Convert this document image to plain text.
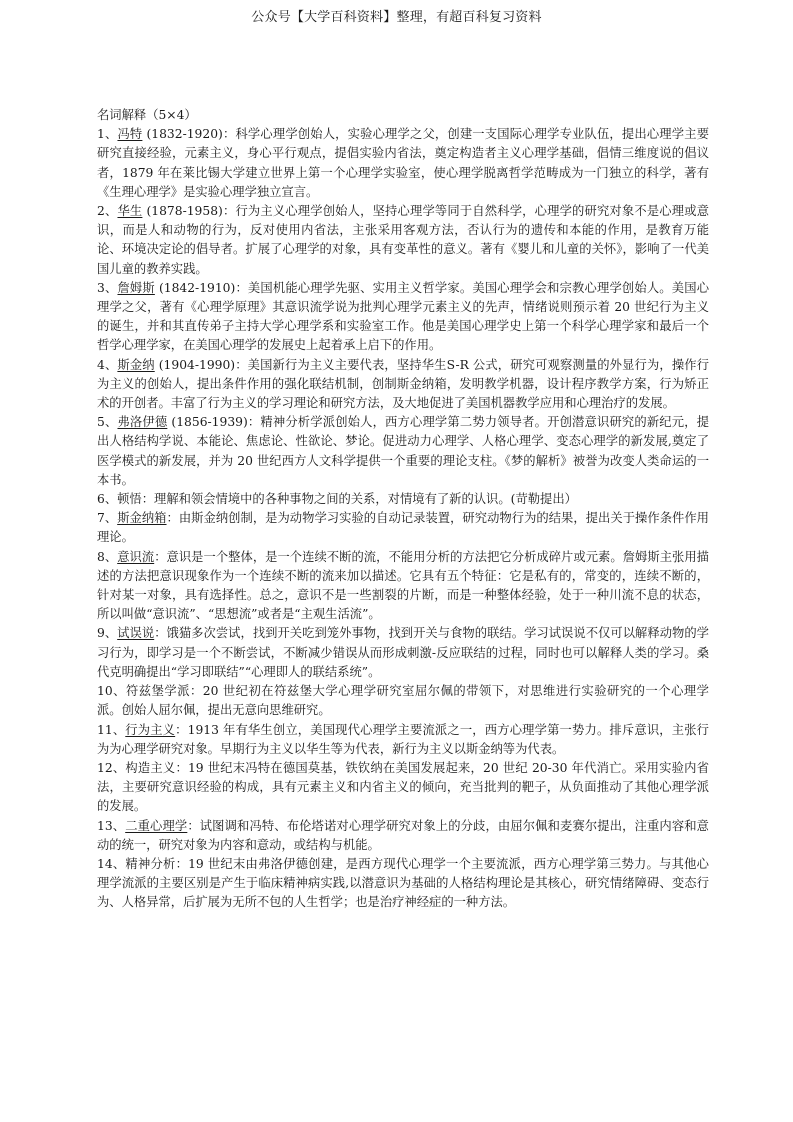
公众号【大学百科资料】整理，有超百科复习资料

名词解释（5×4）

1、冯特 (1832-1920)：科学心理学创始人，实验心理学之父，创建一支国际心理学专业队伍，提出心理学主要研究直接经验，元素主义，身心平行观点，提倡实验内省法，奠定构造者主义心理学基础，倡情三维度说的倡议者，1879 年在莱比锡大学建立世界上第一个心理学实验室，使心理学脱离哲学范畴成为一门独立的科学，著有《生理心理学》是实验心理学独立宣言。

2、华生 (1878-1958)：行为主义心理学创始人，坚持心理学等同于自然科学，心理学的研究对象不是心理或意识，而是人和动物的行为，反对使用内省法，主张采用客观方法，否认行为的遗传和本能的作用，是教育万能论、环境决定论的倡导者。扩展了心理学的对象，具有变革性的意义。著有《婴儿和儿童的关怀》，影响了一代美国儿童的教养实践。

3、詹姆斯 (1842-1910)：美国机能心理学先驱、实用主义哲学家。美国心理学会和宗教心理学创始人。美国心理学之父，著有《心理学原理》其意识流学说为批判心理学元素主义的先声，情绪说则预示着 20 世纪行为主义的诞生，并和其直传弟子主持大学心理学系和实验室工作。他是美国心理学史上第一个科学心理学家和最后一个哲学心理学家，在美国心理学的发展史上起着承上启下的作用。

4、斯金纳 (1904-1990)：美国新行为主义主要代表，坚持华生S-R 公式，研究可观察测量的外显行为，操作行为主义的创始人，提出条件作用的强化联结机制，创制斯金纳箱，发明教学机器，设计程序教学方案，行为矫正术的开创者。丰富了行为主义的学习理论和研究方法，及大地促进了美国机器教学应用和心理治疗的发展。

5、弗洛伊德 (1856-1939)：精神分析学派创始人，西方心理学第二势力领导者。开创潜意识研究的新纪元，提出人格结构学说、本能论、焦虑论、性欲论、梦论。促进动力心理学、人格心理学、变态心理学的新发展,奠定了医学模式的新发展，并为 20 世纪西方人文科学提供一个重要的理论支柱。《梦的解析》被誉为改变人类命运的一本书。

6、顿悟：理解和领会情境中的各种事物之间的关系，对情境有了新的认识。(苛勒提出）

7、斯金纳箱：由斯金纳创制，是为动物学习实验的自动记录装置，研究动物行为的结果，提出关于操作条件作用理论。

8、意识流：意识是一个整体，是一个连续不断的流，不能用分析的方法把它分析成碎片或元素。詹姆斯主张用描述的方法把意识现象作为一个连续不断的流来加以描述。它具有五个特征：它是私有的，常变的，连续不断的，针对某一对象，具有选择性。总之，意识不是一些割裂的片断，而是一种整体经验，处于一种川流不息的状态，所以叫做“意识流”、“思想流”或者是“主观生活流”。

9、试误说：饿猫多次尝试，找到开关吃到笼外事物，找到开关与食物的联结。学习试误说不仅可以解释动物的学习行为，即学习是一个不断尝试，不断减少错误从而形成刺激-反应联结的过程，同时也可以解释人类的学习。桑代克明确提出“学习即联结”“心理即人的联结系统”。

10、符兹堡学派：20 世纪初在符兹堡大学心理学研究室屈尔佩的带领下，对思维进行实验研究的一个心理学派。创始人屈尔佩，提出无意向思维研究。

11、行为主义：1913 年有华生创立，美国现代心理学主要流派之一，西方心理学第一势力。排斥意识，主张行为为心理学研究对象。早期行为主义以华生等为代表，新行为主义以斯金纳等为代表。

12、构造主义：19 世纪末冯特在德国莫基，铁钦纳在美国发展起来，20 世纪 20-30 年代消亡。采用实验内省法，主要研究意识经验的构成，具有元素主义和内省主义的倾向，充当批判的靶子，从负面推动了其他心理学派的发展。

13、二重心理学：试图调和冯特、布伦塔诺对心理学研究对象上的分歧，由屈尔佩和麦赛尔提出，注重内容和意动的统一，研究对象为内容和意动，或结构与机能。

14、精神分析：19 世纪末由弗洛伊德创建，是西方现代心理学一个主要流派，西方心理学第三势力。与其他心理学流派的主要区别是产生于临床精神病实践,以潜意识为基础的人格结构理论是其核心，研究情绪障碍、变态行为、人格异常，后扩展为无所不包的人生哲学；也是治疗神经症的一种方法。
